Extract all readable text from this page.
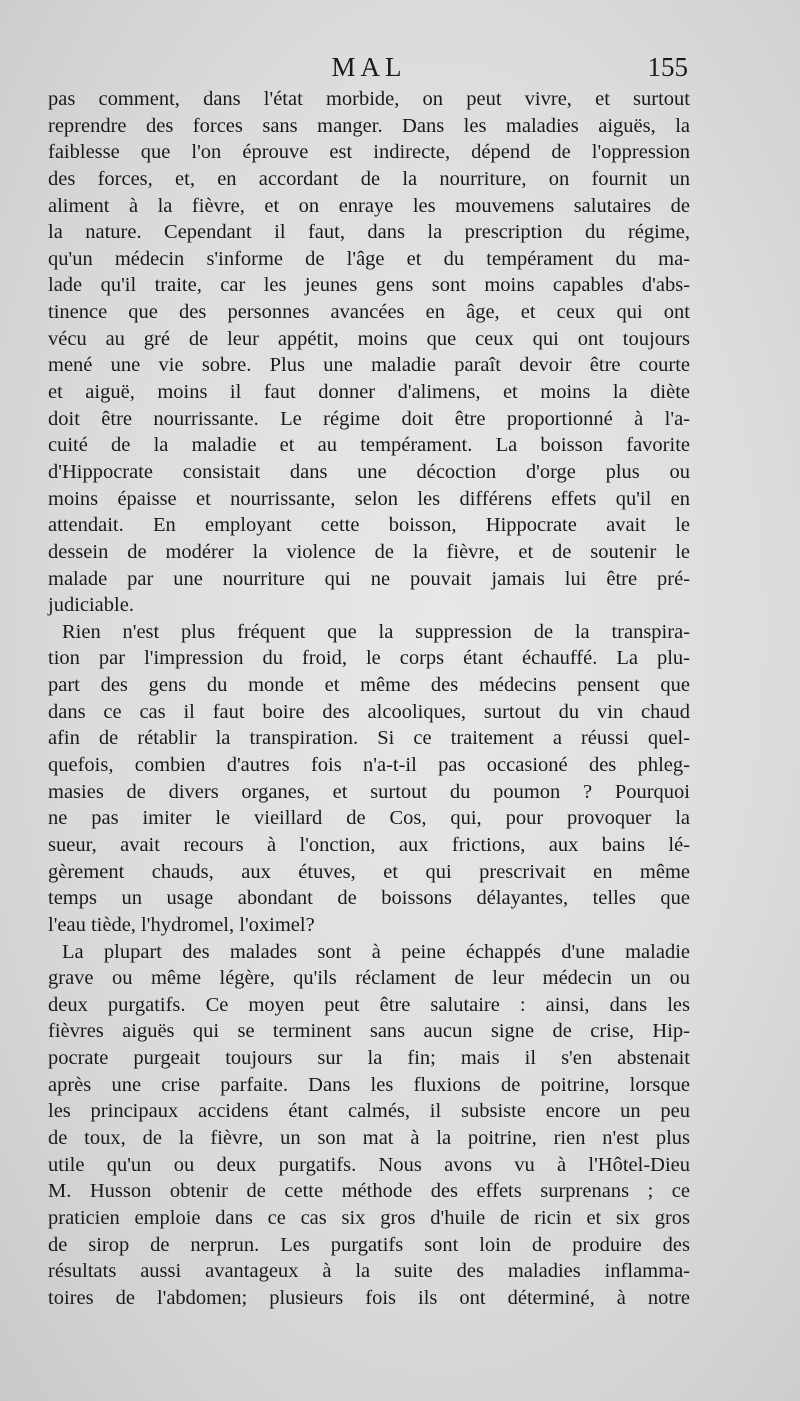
MAL	155
pas comment, dans l'état morbide, on peut vivre, et surtout
reprendre des forces sans manger. Dans les maladies aiguës, la
faiblesse que l'on éprouve est indirecte, dépend de l'oppression
des forces, et, en accordant de la nourriture, on fournit un
aliment à la fièvre, et on enraye les mouvemens salutaires de
la nature. Cependant il faut, dans la prescription du régime,
qu'un médecin s'informe de l'âge et du tempérament du ma-
lade qu'il traite, car les jeunes gens sont moins capables d'abs-
tinence que des personnes avancées en âge, et ceux qui ont
vécu au gré de leur appétit, moins que ceux qui ont toujours
mené une vie sobre. Plus une maladie paraît devoir être courte
et aiguë, moins il faut donner d'alimens, et moins la diète
doit être nourrissante. Le régime doit être proportionné à l'a-
cuité de la maladie et au tempérament. La boisson favorite
d'Hippocrate consistait dans une décoction d'orge plus ou
moins épaisse et nourrissante, selon les différens effets qu'il en
attendait. En employant cette boisson, Hippocrate avait le
dessein de modérer la violence de la fièvre, et de soutenir le
malade par une nourriture qui ne pouvait jamais lui être pré-
judiciable.
Rien n'est plus fréquent que la suppression de la transpira-
tion par l'impression du froid, le corps étant échauffé. La plu-
part des gens du monde et même des médecins pensent que
dans ce cas il faut boire des alcooliques, surtout du vin chaud
afin de rétablir la transpiration. Si ce traitement a réussi quel-
quefois, combien d'autres fois n'a-t-il pas occasioné des phleg-
masies de divers organes, et surtout du poumon ? Pourquoi
ne pas imiter le vieillard de Cos, qui, pour provoquer la
sueur, avait recours à l'onction, aux frictions, aux bains lé-
gèrement chauds, aux étuves, et qui prescrivait en même
temps un usage abondant de boissons délayantes, telles que
l'eau tiède, l'hydromel, l'oximel?
La plupart des malades sont à peine échappés d'une maladie
grave ou même légère, qu'ils réclament de leur médecin un ou
deux purgatifs. Ce moyen peut être salutaire : ainsi, dans les
fièvres aiguës qui se terminent sans aucun signe de crise, Hip-
pocrate purgeait toujours sur la fin; mais il s'en abstenait
après une crise parfaite. Dans les fluxions de poitrine, lorsque
les principaux accidens étant calmés, il subsiste encore un peu
de toux, de la fièvre, un son mat à la poitrine, rien n'est plus
utile qu'un ou deux purgatifs. Nous avons vu à l'Hôtel-Dieu
M. Husson obtenir de cette méthode des effets surprenans ; ce
praticien emploie dans ce cas six gros d'huile de ricin et six gros
de sirop de nerprun. Les purgatifs sont loin de produire des
résultats aussi avantageux à la suite des maladies inflamma-
toires de l'abdomen; plusieurs fois ils ont déterminé, à notre
